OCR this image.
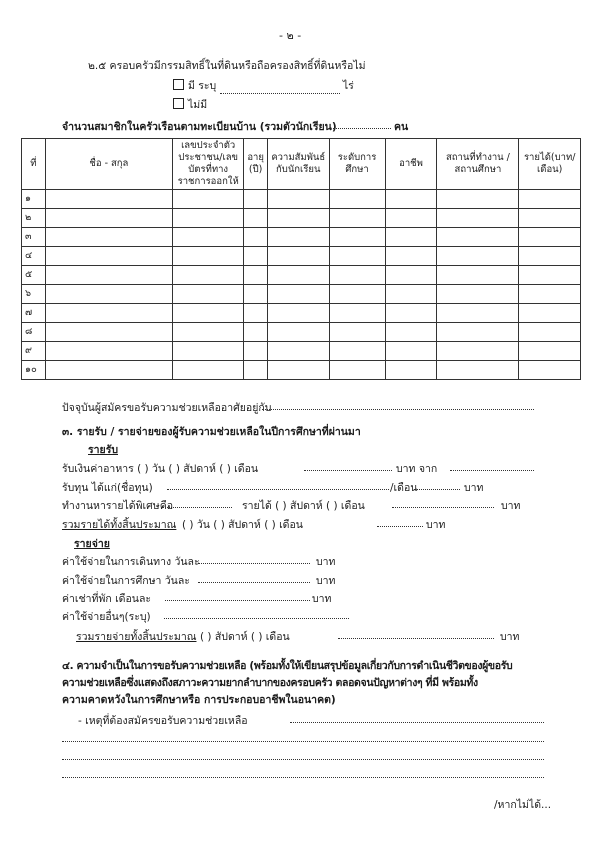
- ๒ -
๒.๕ ครอบครัวมีกรรมสิทธิ์ในที่ดินหรือถือครองสิทธิ์ที่ดินหรือไม่
มี ระบุ	ไร่
ไม่มี
จำนวนสมาชิกในครัวเรือนตามทะเบียนบ้าน (รวมตัวนักเรียน)	คน
ที่	ชื่อ - สกุล	เลขประจำตัวประชาชน/เลขบัตรที่ทางราชการออกให้	อายุ (ปี)	ความสัมพันธ์กับนักเรียน	ระดับการศึกษา	อาชีพ	สถานที่ทำงาน / สถานศึกษา	รายได้(บาท/เดือน)
๑								
๒								
๓								
๔								
๕								
๖								
๗								
๘								
๙								
๑๐								
ปัจจุบันผู้สมัครขอรับความช่วยเหลืออาศัยอยู่กับ
๓. รายรับ / รายจ่ายของผู้รับความช่วยเหลือในปีการศึกษาที่ผ่านมา
รายรับ
รับเงินค่าอาหาร ( ) วัน ( ) สัปดาห์ ( ) เดือน	บาท จาก
รับทุน ได้แก่(ชื่อทุน)	/เดือน	บาท
ทำงานหารายได้พิเศษคือ	รายได้ ( ) สัปดาห์ ( ) เดือน	บาท
รวมรายได้ทั้งสิ้นประมาณ ( ) วัน ( ) สัปดาห์ ( ) เดือน	บาท
รายจ่าย
ค่าใช้จ่ายในการเดินทาง วันละ	บาท
ค่าใช้จ่ายในการศึกษา วันละ	บาท
ค่าเช่าที่พัก เดือนละ	บาท
ค่าใช้จ่ายอื่นๆ(ระบุ)
รวมรายจ่ายทั้งสิ้นประมาณ ( ) สัปดาห์ ( ) เดือน	บาท
๔. ความจำเป็นในการขอรับความช่วยเหลือ (พร้อมทั้งให้เขียนสรุปข้อมูลเกี่ยวกับการดำเนินชีวิตของผู้ขอรับ
ความช่วยเหลือซึ่งแสดงถึงสภาวะความยากลำบากของครอบครัว ตลอดจนปัญหาต่างๆ ที่มี พร้อมทั้ง
ความคาดหวังในการศึกษาหรือ การประกอบอาชีพในอนาคต)
- เหตุที่ต้องสมัครขอรับความช่วยเหลือ
/หากไม่ได้...
